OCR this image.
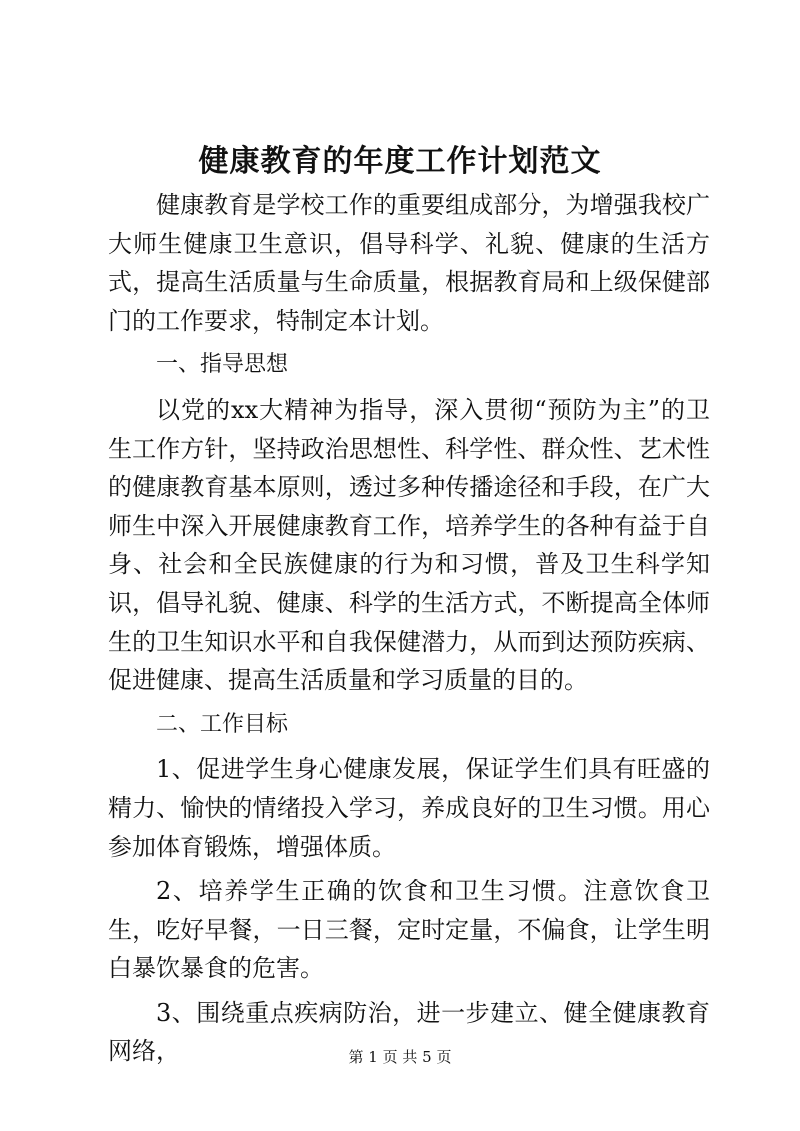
健康教育的年度工作计划范文

健康教育是学校工作的重要组成部分，为增强我校广大师生健康卫生意识，倡导科学、礼貌、健康的生活方式，提高生活质量与生命质量，根据教育局和上级保健部门的工作要求，特制定本计划。

一、指导思想

以党的xx大精神为指导，深入贯彻“预防为主”的卫生工作方针，坚持政治思想性、科学性、群众性、艺术性的健康教育基本原则，透过多种传播途径和手段，在广大师生中深入开展健康教育工作，培养学生的各种有益于自身、社会和全民族健康的行为和习惯，普及卫生科学知识，倡导礼貌、健康、科学的生活方式，不断提高全体师生的卫生知识水平和自我保健潜力，从而到达预防疾病、促进健康、提高生活质量和学习质量的目的。

二、工作目标

1、促进学生身心健康发展，保证学生们具有旺盛的精力、愉快的情绪投入学习，养成良好的卫生习惯。用心参加体育锻炼，增强体质。

2、培养学生正确的饮食和卫生习惯。注意饮食卫生，吃好早餐，一日三餐，定时定量，不偏食，让学生明白暴饮暴食的危害。

3、围绕重点疾病防治，进一步建立、健全健康教育网络，	第 1 页 共 5 页
